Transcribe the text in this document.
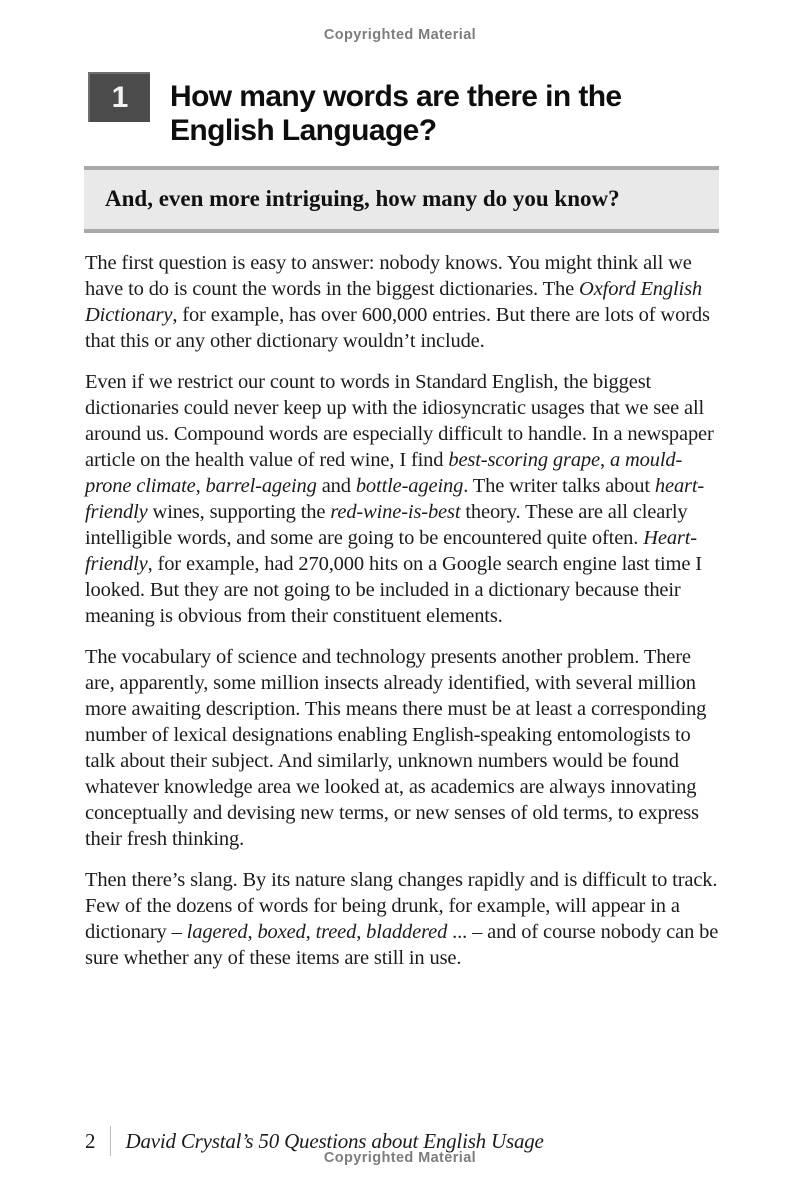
Copyrighted Material
1 How many words are there in the
English Language?
And, even more intriguing, how many do you know?

The first question is easy to answer: nobody knows. You might think all we have to do is count the words in the biggest dictionaries. The Oxford English Dictionary, for example, has over 600,000 entries. But there are lots of words that this or any other dictionary wouldn’t include.

Even if we restrict our count to words in Standard English, the biggest dictionaries could never keep up with the idiosyncratic usages that we see all around us. Compound words are especially difficult to handle. In a newspaper article on the health value of red wine, I find best-scoring grape, a mould-prone climate, barrel-ageing and bottle-ageing. The writer talks about heart-friendly wines, supporting the red-wine-is-best theory. These are all clearly intelligible words, and some are going to be encountered quite often. Heart-friendly, for example, had 270,000 hits on a Google search engine last time I looked. But they are not going to be included in a dictionary because their meaning is obvious from their constituent elements.

The vocabulary of science and technology presents another problem. There are, apparently, some million insects already identified, with several million more awaiting description. This means there must be at least a corresponding number of lexical designations enabling English-speaking entomologists to talk about their subject. And similarly, unknown numbers would be found whatever knowledge area we looked at, as academics are always innovating conceptually and devising new terms, or new senses of old terms, to express their fresh thinking.

Then there’s slang. By its nature slang changes rapidly and is difficult to track. Few of the dozens of words for being drunk, for example, will appear in a dictionary – lagered, boxed, treed, bladdered ... – and of course nobody can be sure whether any of these items are still in use.

2 David Crystal’s 50 Questions about English Usage
Copyrighted Material
